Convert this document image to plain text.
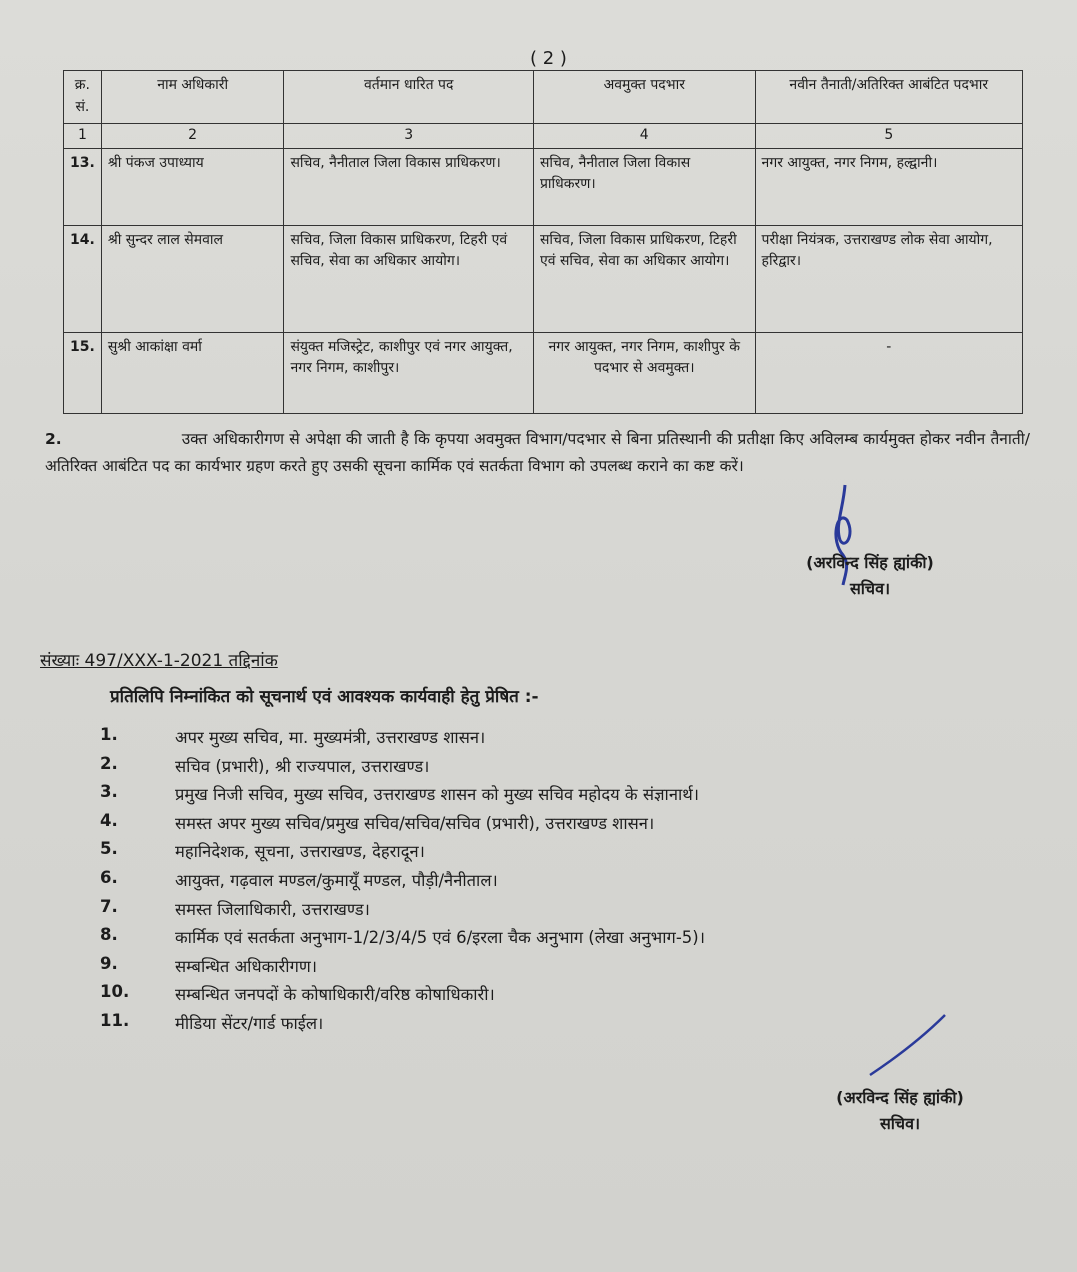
( 2 )
क्र. सं.	नाम अधिकारी	वर्तमान धारित पद	अवमुक्त पदभार	नवीन तैनाती/अतिरिक्त आबंटित पदभार
1	2	3	4	5
13.	श्री पंकज उपाध्याय	सचिव, नैनीताल जिला विकास प्राधिकरण।	सचिव, नैनीताल जिला विकास प्राधिकरण।	नगर आयुक्त, नगर निगम, हल्द्वानी।
14.	श्री सुन्दर लाल सेमवाल	सचिव, जिला विकास प्राधिकरण, टिहरी एवं सचिव, सेवा का अधिकार आयोग।	सचिव, जिला विकास प्राधिकरण, टिहरी एवं सचिव, सेवा का अधिकार आयोग।	परीक्षा नियंत्रक, उत्तराखण्ड लोक सेवा आयोग, हरिद्वार।
15.	सुश्री आकांक्षा वर्मा	संयुक्त मजिस्ट्रेट, काशीपुर एवं नगर आयुक्त, नगर निगम, काशीपुर।	नगर आयुक्त, नगर निगम, काशीपुर के पदभार से अवमुक्त।	-
2.	उक्त अधिकारीगण से अपेक्षा की जाती है कि कृपया अवमुक्त विभाग/पदभार से बिना प्रतिस्थानी की प्रतीक्षा किए अविलम्ब कार्यमुक्त होकर नवीन तैनाती/अतिरिक्त आबंटित पद का कार्यभार ग्रहण करते हुए उसकी सूचना कार्मिक एवं सतर्कता विभाग को उपलब्ध कराने का कष्ट करें।
(अरविन्द सिंह ह्यांकी)
सचिव।
संख्याः 497/XXX-1-2021 तद्दिनांक
प्रतिलिपि निम्नांकित को सूचनार्थ एवं आवश्यक कार्यवाही हेतु प्रेषित :-
1.	अपर मुख्य सचिव, मा. मुख्यमंत्री, उत्तराखण्ड शासन।
2.	सचिव (प्रभारी), श्री राज्यपाल, उत्तराखण्ड।
3.	प्रमुख निजी सचिव, मुख्य सचिव, उत्तराखण्ड शासन को मुख्य सचिव महोदय के संज्ञानार्थ।
4.	समस्त अपर मुख्य सचिव/प्रमुख सचिव/सचिव/सचिव (प्रभारी), उत्तराखण्ड शासन।
5.	महानिदेशक, सूचना, उत्तराखण्ड, देहरादून।
6.	आयुक्त, गढ़वाल मण्डल/कुमायूँ मण्डल, पौड़ी/नैनीताल।
7.	समस्त जिलाधिकारी, उत्तराखण्ड।
8.	कार्मिक एवं सतर्कता अनुभाग-1/2/3/4/5 एवं 6/इरला चैक अनुभाग (लेखा अनुभाग-5)।
9.	सम्बन्धित अधिकारीगण।
10.	सम्बन्धित जनपदों के कोषाधिकारी/वरिष्ठ कोषाधिकारी।
11.	मीडिया सेंटर/गार्ड फाईल।
(अरविन्द सिंह ह्यांकी)
सचिव।
